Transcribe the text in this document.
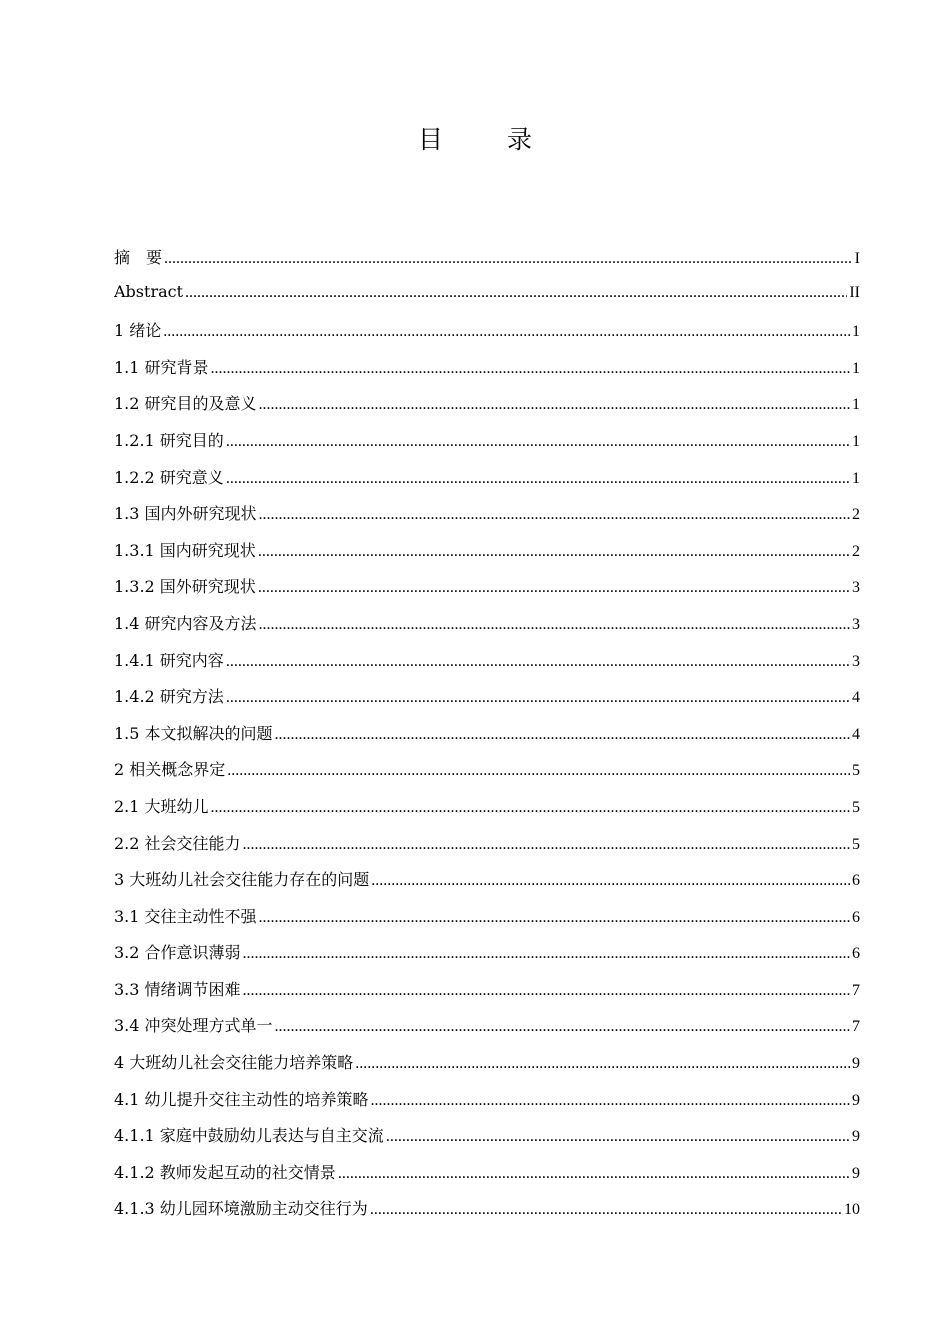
目 录
摘　要 .....	I
Abstract .....	II
1 绪论 .....	1
1.1 研究背景 .....	1
1.2 研究目的及意义 .....	1
1.2.1 研究目的 .....	1
1.2.2 研究意义 .....	1
1.3 国内外研究现状 .....	2
1.3.1 国内研究现状 .....	2
1.3.2 国外研究现状 .....	3
1.4 研究内容及方法 .....	3
1.4.1 研究内容 .....	3
1.4.2 研究方法 .....	4
1.5 本文拟解决的问题 .....	4
2 相关概念界定 .....	5
2.1 大班幼儿 .....	5
2.2 社会交往能力 .....	5
3 大班幼儿社会交往能力存在的问题 .....	6
3.1 交往主动性不强 .....	6
3.2 合作意识薄弱 .....	6
3.3 情绪调节困难 .....	7
3.4 冲突处理方式单一 .....	7
4 大班幼儿社会交往能力培养策略 .....	9
4.1 幼儿提升交往主动性的培养策略 .....	9
4.1.1 家庭中鼓励幼儿表达与自主交流 .....	9
4.1.2 教师发起互动的社交情景 .....	9
4.1.3 幼儿园环境激励主动交往行为 .....	10
